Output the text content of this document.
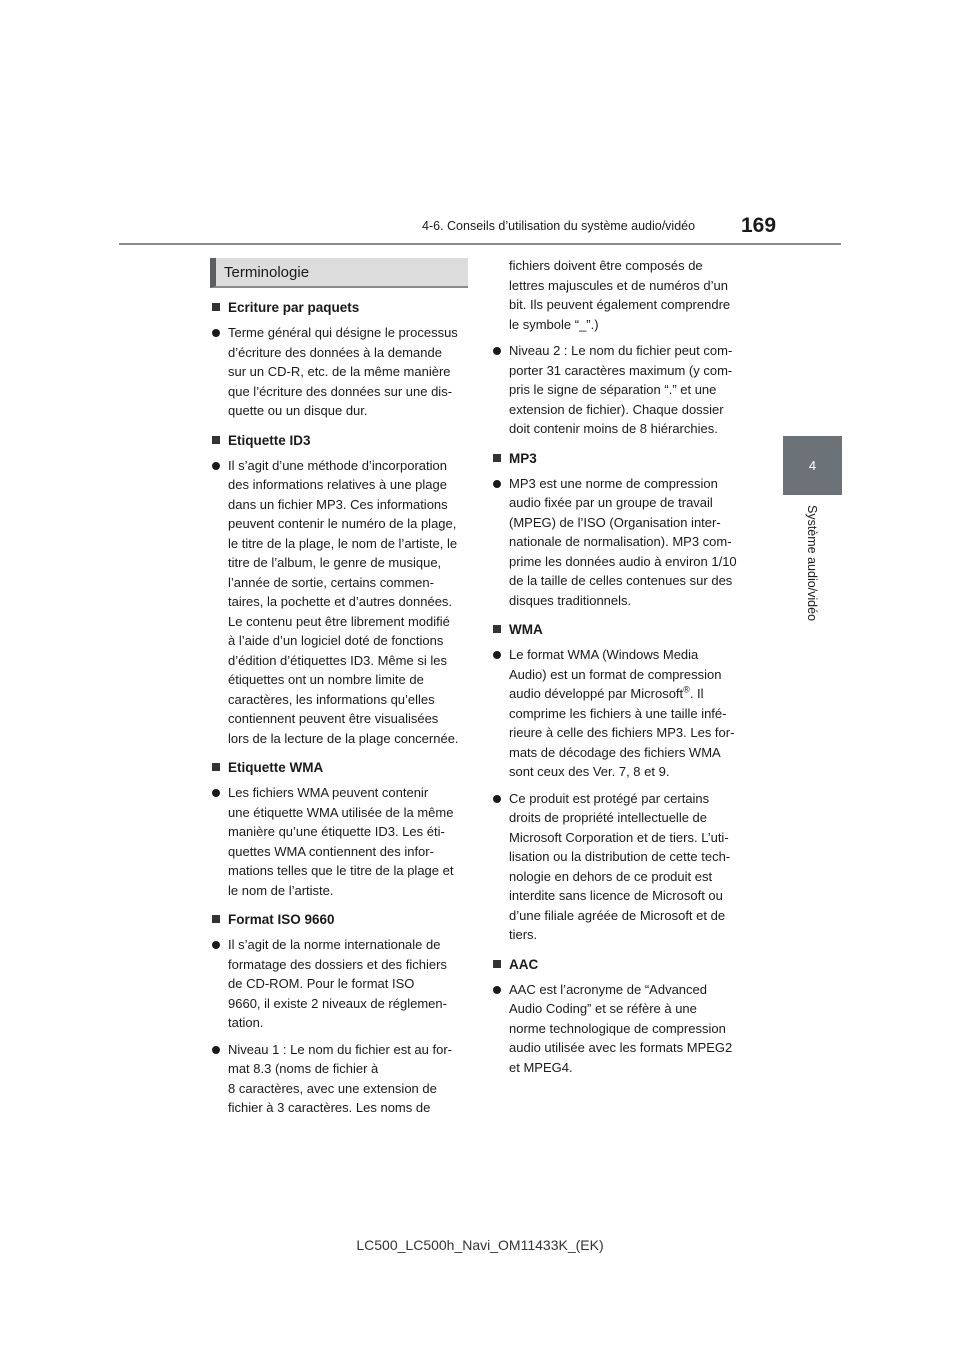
4-6. Conseils d’utilisation du système audio/vidéo 169
4
Système audio/vidéo
Terminologie
Ecriture par paquets

Terme général qui désigne le processus

d’écriture des données à la demande

sur un CD-R, etc. de la même manière

que l’écriture des données sur une dis-

quette ou un disque dur.

Etiquette ID3

Il s’agit d’une méthode d’incorporation

des informations relatives à une plage

dans un fichier MP3. Ces informations

peuvent contenir le numéro de la plage,

le titre de la plage, le nom de l’artiste, le

titre de l’album, le genre de musique,

l’année de sortie, certains commen-

taires, la pochette et d’autres données.

Le contenu peut être librement modifié

à l’aide d’un logiciel doté de fonctions

d’édition d’étiquettes ID3. Même si les

étiquettes ont un nombre limite de

caractères, les informations qu’elles

contiennent peuvent être visualisées

lors de la lecture de la plage concernée.

Etiquette WMA

Les fichiers WMA peuvent contenir

une étiquette WMA utilisée de la même

manière qu’une étiquette ID3. Les éti-

quettes WMA contiennent des infor-

mations telles que le titre de la plage et

le nom de l’artiste.

Format ISO 9660

Il s’agit de la norme internationale de

formatage des dossiers et des fichiers

de CD-ROM. Pour le format ISO

9660, il existe 2 niveaux de réglemen-

tation.

Niveau 1 : Le nom du fichier est au for-

mat 8.3 (noms de fichier à

8 caractères, avec une extension de

fichier à 3 caractères. Les noms de

fichiers doivent être composés de

lettres majuscules et de numéros d’un

bit. Ils peuvent également comprendre

le symbole “_”.)

Niveau 2 : Le nom du fichier peut com-

porter 31 caractères maximum (y com-

pris le signe de séparation “.” et une

extension de fichier). Chaque dossier

doit contenir moins de 8 hiérarchies.

MP3

MP3 est une norme de compression

audio fixée par un groupe de travail

(MPEG) de l’ISO (Organisation inter-

nationale de normalisation). MP3 com-

prime les données audio à environ 1/10

de la taille de celles contenues sur des

disques traditionnels.

WMA

Le format WMA (Windows Media

Audio) est un format de compression

audio développé par Microsoft®. Il

comprime les fichiers à une taille infé-

rieure à celle des fichiers MP3. Les for-

mats de décodage des fichiers WMA

sont ceux des Ver. 7, 8 et 9.

Ce produit est protégé par certains

droits de propriété intellectuelle de

Microsoft Corporation et de tiers. L’uti-

lisation ou la distribution de cette tech-

nologie en dehors de ce produit est

interdite sans licence de Microsoft ou

d’une filiale agréée de Microsoft et de

tiers.

AAC

AAC est l’acronyme de “Advanced

Audio Coding” et se réfère à une

norme technologique de compression

audio utilisée avec les formats MPEG2

et MPEG4.

LC500_LC500h_Navi_OM11433K_(EK)
